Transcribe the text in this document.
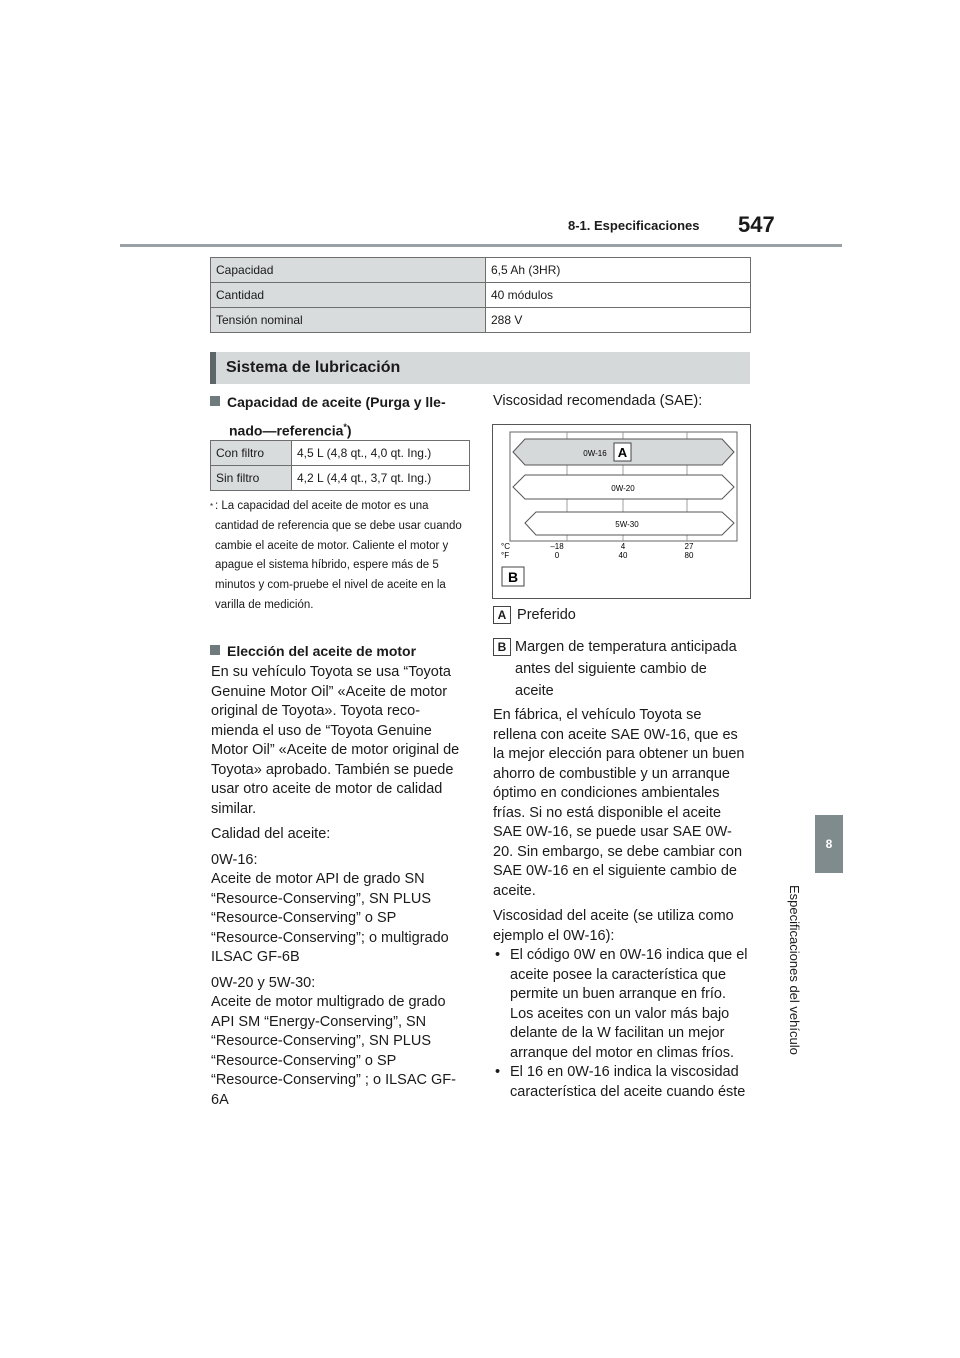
8-1. Especificaciones 547
8
Especificaciones del vehículo
Capacidad	6,5 Ah (3HR)
Cantidad	40 módulos
Tensión nominal	288 V
Sistema de lubricación
Capacidad de aceite (Purga y lle-
nado—referencia*)
Con filtro	4,5 L (4,8 qt., 4,0 qt. Ing.)
Sin filtro	4,2 L (4,4 qt., 3,7 qt. Ing.)
* : La capacidad del aceite de motor es una cantidad de referencia que se debe usar cuando cambie el aceite de motor. Caliente el motor y apague el sistema híbrido, espere más de 5 minutos y com-pruebe el nivel de aceite en la varilla de medición.
Elección del aceite de motor
En su vehículo Toyota se usa “Toyota Genuine Motor Oil” «Aceite de motor original de Toyota». Toyota reco-mienda el uso de “Toyota Genuine Motor Oil” «Aceite de motor original de Toyota» aprobado. También se puede usar otro aceite de motor de calidad similar.
Calidad del aceite:
0W-16:
Aceite de motor API de grado SN “Resource-Conserving”, SN PLUS “Resource-Conserving” o SP “Resource-Conserving”; o multigrado ILSAC GF-6B
0W-20 y 5W-30:
Aceite de motor multigrado de grado API SM “Energy-Conserving”, SN “Resource-Conserving”, SN PLUS “Resource-Conserving” o SP “Resource-Conserving” ; o ILSAC GF-6A
Viscosidad recomendada (SAE):
0W-16 A
0W-20
5W-30
°C
°F
–18	4	27
0	40	80
B
A Preferido
B Margen de temperatura anticipada antes del siguiente cambio de aceite
En fábrica, el vehículo Toyota se rellena con aceite SAE 0W-16, que es la mejor elección para obtener un buen ahorro de combustible y un arranque óptimo en condiciones ambientales frías. Si no está disponible el aceite SAE 0W-16, se puede usar SAE 0W-20. Sin embargo, se debe cambiar con SAE 0W-16 en el siguiente cambio de aceite.
Viscosidad del aceite (se utiliza como ejemplo el 0W-16):
• El código 0W en 0W-16 indica que el aceite posee la característica que permite un buen arranque en frío. Los aceites con un valor más bajo delante de la W facilitan un mejor arranque del motor en climas fríos.
• El 16 en 0W-16 indica la viscosidad característica del aceite cuando éste
